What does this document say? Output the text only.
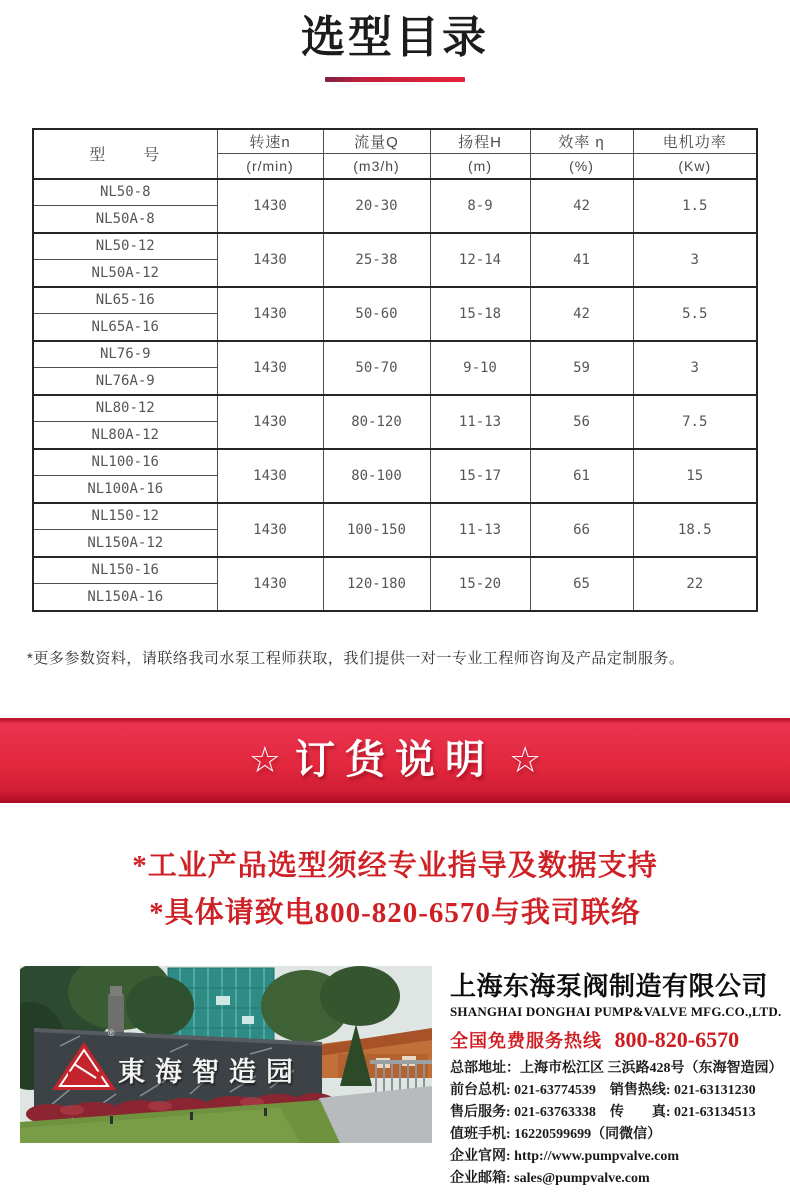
选型目录
型　　号	转速n	流量Q	扬程H	效率 η	电机功率
	(r/min)	(m3/h)	(m)	(%)	(Kw)
NL50-8	1430	20-30	8-9	42	1.5
NL50A-8					
NL50-12	1430	25-38	12-14	41	3
NL50A-12					
NL65-16	1430	50-60	15-18	42	5.5
NL65A-16					
NL76-9	1430	50-70	9-10	59	3
NL76A-9					
NL80-12	1430	80-120	11-13	56	7.5
NL80A-12					
NL100-16	1430	80-100	15-17	61	15
NL100A-16					
NL150-12	1430	100-150	11-13	66	18.5
NL150A-12					
NL150-16	1430	120-180	15-20	65	22
NL150A-16					
*更多参数资料，请联络我司水泵工程师获取，我们提供一对一专业工程师咨询及产品定制服务。
☆ 订货说明 ☆

*工业产品选型须经专业指导及数据支持

*具体请致电800-820-6570与我司联络

®
東海智造园
上海东海泵阀制造有限公司
SHANGHAI DONGHAI PUMP&VALVE MFG.CO.,LTD.
全国免费服务热线 800-820-6570
总部地址：上海市松江区 三浜路428号（东海智造园）
前台总机: 021-63774539　销售热线: 021-63131230
售后服务: 021-63763338　传　　真: 021-63134513
值班手机: 16220599699（同微信）
企业官网: http://www.pumpvalve.com
企业邮箱: sales@pumpvalve.com
